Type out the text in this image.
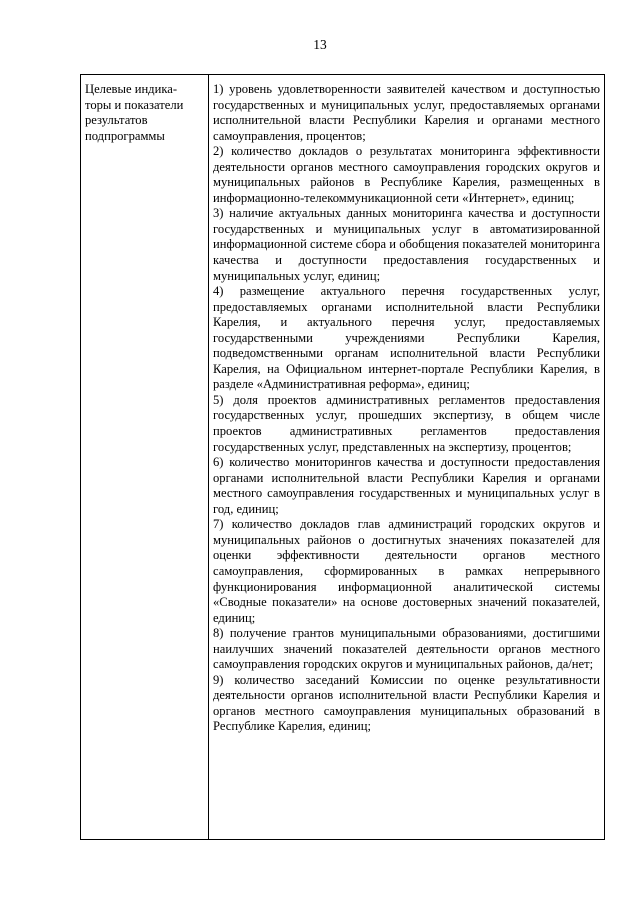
13
Целевые индика-
торы и показатели
результатов
подпрограммы

1) уровень удовлетворенности заявителей качеством и доступностью государственных и муниципальных услуг, предоставляемых органами исполнительной власти Республики Карелия и органами местного самоуправления, процентов;

2) количество докладов о результатах мониторинга эффективности деятельности органов местного самоуправления городских округов и муниципальных районов в Республике Карелия, размещенных в информационно-телекоммуникационной сети «Интернет», единиц;

3) наличие актуальных данных мониторинга качества и доступности государственных и муниципальных услуг в автоматизированной информационной системе сбора и обобщения показателей мониторинга качества и доступности предоставления государственных и муниципальных услуг, единиц;

4) размещение актуального перечня государственных услуг, предоставляемых органами исполнительной власти Республики Карелия, и актуального перечня услуг, предоставляемых государственными учреждениями Республики Карелия, подведомственными органам исполнительной власти Республики Карелия, на Официальном интернет-портале Республики Карелия, в разделе «Административная реформа», единиц;

5) доля проектов административных регламентов предоставления государственных услуг, прошедших экспертизу, в общем числе проектов административных регламентов предоставления государственных услуг, представленных на экспертизу, процентов;

6) количество мониторингов качества и доступности предоставления органами исполнительной власти Республики Карелия и органами местного самоуправления государственных и муниципальных услуг в год, единиц;

7) количество докладов глав администраций городских округов и муниципальных районов о достигнутых значениях показателей для оценки эффективности деятельности органов местного самоуправления, сформированных в рамках непрерывного функционирования информационной аналитической системы «Сводные показатели» на основе достоверных значений показателей, единиц;

8) получение грантов муниципальными образованиями, достигшими наилучших значений показателей деятельности органов местного самоуправления городских округов и муниципальных районов, да/нет;

9) количество заседаний Комиссии по оценке результативности деятельности органов исполнительной власти Республики Карелия и органов местного самоуправления муниципальных образований в Республике Карелия, единиц;
